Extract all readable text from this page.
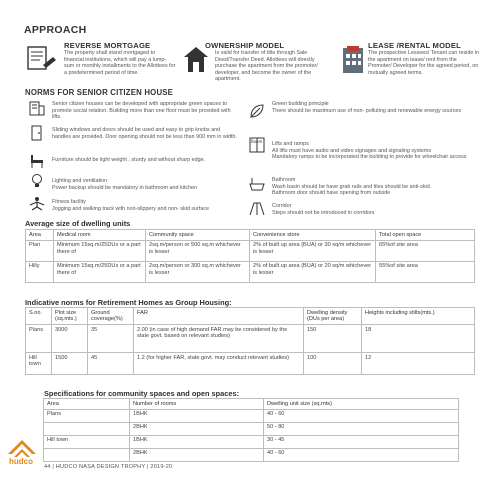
APPROACH
REVERSE MORTGAGE
The property shall stand mortgaged to financial institutions, which will pay a lump-sum or monthly installments to the Allottees for a predetermined period of time.
OWNERSHIP MODEL
Is valid for transfer of title through Sale Deed/Transfer Deed. Allottees will directly purchase the apartment from the promoter/ developer, and become the owner of the apartment.
LEASE /RENTAL MODEL
The prospective Lessees/ Tenant can reside in the apartment on lease/ rent from the Promoter/ Developer for the agreed period, on mutually agreed terms.
NORMS FOR SENIOR CITIZEN HOUSE
Senior citizen houses can be developed with appropriate green spaces to promote social relation. Building more than one floor must be provided with lifts.
Sliding windows and doors should be used and easy to grip knobs and handles are provided. Door opening should not be less than 900 mm in width.
Furniture should be light weight , sturdy and without sharp edge.
Lighting and ventilation
Power backup should be mandatory in bathroom and kitchen
Fitness facility
Jogging and walking track with non-slippery and non- skid surface
Green building principle
There should be maximum use of non- polluting and renewable energy sources
Room Lifts and ramps
All lifts must have audio and video signages and signaling systems
Mandatory ramps to be incorporated the building to provide for wheelchair access
Bathroom
Wash basin should be have grab rails and tiles should be anti-skid.
Bathroom door should have opening from outside
Corridor
Steps should not be introduced in corridors
Average size of dwelling units
Area	Medical room	Community space	Convenience store	Total open space
Plan	Minimum 15sq.m/25DUs or a part there of	2sq.m/person or 500 sq.m whichever is lesser	2% of built up area (BUA) or 30 sq/m whichever is lesser	65%of site area
Hilly	Minimum 15sq.m/25DUs or a part there of	2sq.m/person or 300 sq.m whichever is lesser	2% of built up area (BUA) or 20 sq/m whichever is lesser	55%of site area
Indicative norms for Retirement Homes as Group Housing:
S.no.	Plot size (sq.mts.)	Ground coverage(%)	FAR	Dwelling density (DUs per area)	Heights including stilts(mts.)
Plans	3000	35	2.00 (in case of high demand FAR may be considered by the state govt. based on relevant studies)	150	18
Hill town	1500	45	1.2 (for higher FAR, state govt. may conduct relevant studies)	100	12
Specifications for community spaces and open spaces:
Area	Number of rooms	Dwelling unit size (sq.mts)
Plans	1BHK	40 - 60
	2BHK	50 - 80
Hill town	1BHK	30 - 45
	2BHK	40 - 60
hudco
44 | HUDCO NASA DESIGN TROPHY | 2019-20
